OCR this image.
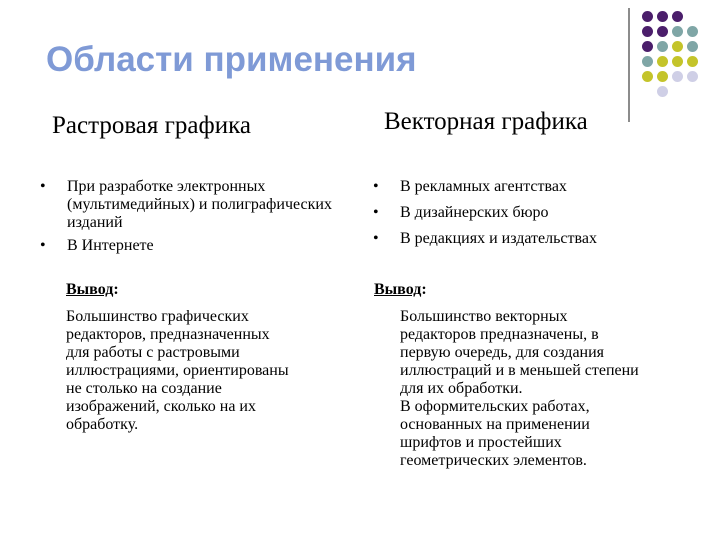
Области применения
Растровая графика
• При разработке электронных (мультимедийных) и полиграфических изданий
• В Интернете
Вывод:
Большинство графических
редакторов, предназначенных
для работы с растровыми
иллюстрациями, ориентированы
не столько на создание
изображений, сколько на их
обработку.
Векторная графика
• В рекламных агентствах
• В дизайнерских бюро
• В редакциях и издательствах
Вывод:
Большинство векторных
редакторов предназначены, в
первую очередь, для создания
иллюстраций и в меньшей степени
для их обработки.
В оформительских работах,
основанных на применении
шрифтов и простейших
геометрических элементов.
